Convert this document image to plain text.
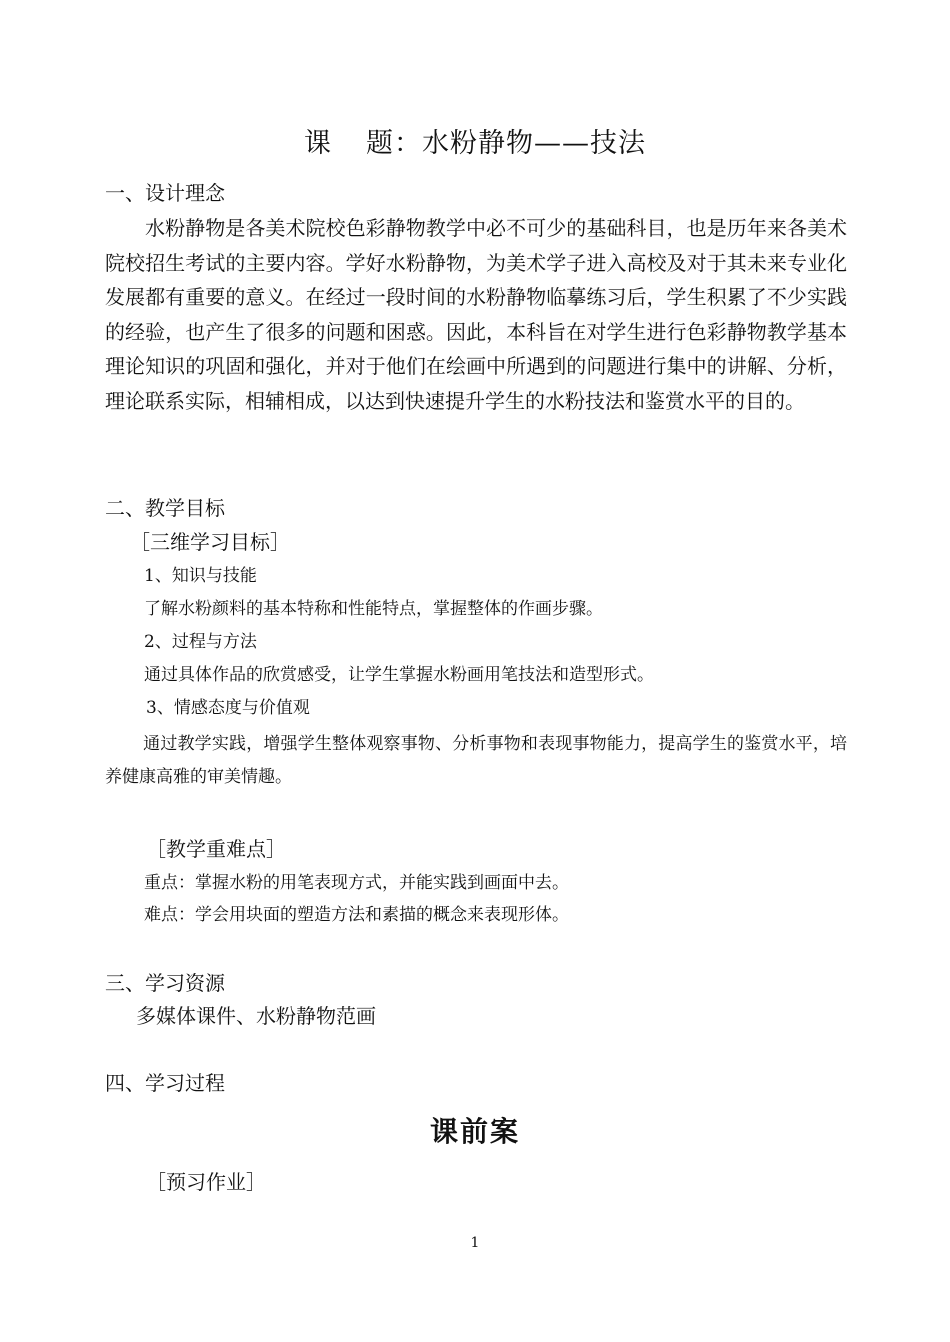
课 题：水粉静物——技法
一、设计理念
水粉静物是各美术院校色彩静物教学中必不可少的基础科目，也是历年来各美术院校招生考试的主要内容。学好水粉静物，为美术学子进入高校及对于其未来专业化发展都有重要的意义。在经过一段时间的水粉静物临摹练习后，学生积累了不少实践的经验，也产生了很多的问题和困惑。因此，本科旨在对学生进行色彩静物教学基本理论知识的巩固和强化，并对于他们在绘画中所遇到的问题进行集中的讲解、分析，理论联系实际，相辅相成，以达到快速提升学生的水粉技法和鉴赏水平的目的。
二、教学目标
［三维学习目标］
1、知识与技能
了解水粉颜料的基本特称和性能特点，掌握整体的作画步骤。
2、过程与方法
通过具体作品的欣赏感受，让学生掌握水粉画用笔技法和造型形式。
3、情感态度与价值观
通过教学实践，增强学生整体观察事物、分析事物和表现事物能力，提高学生的鉴赏水平，培养健康高雅的审美情趣。
［教学重难点］
重点：掌握水粉的用笔表现方式，并能实践到画面中去。
难点：学会用块面的塑造方法和素描的概念来表现形体。
三、学习资源
多媒体课件、水粉静物范画
四、学习过程
课前案
［预习作业］
1
